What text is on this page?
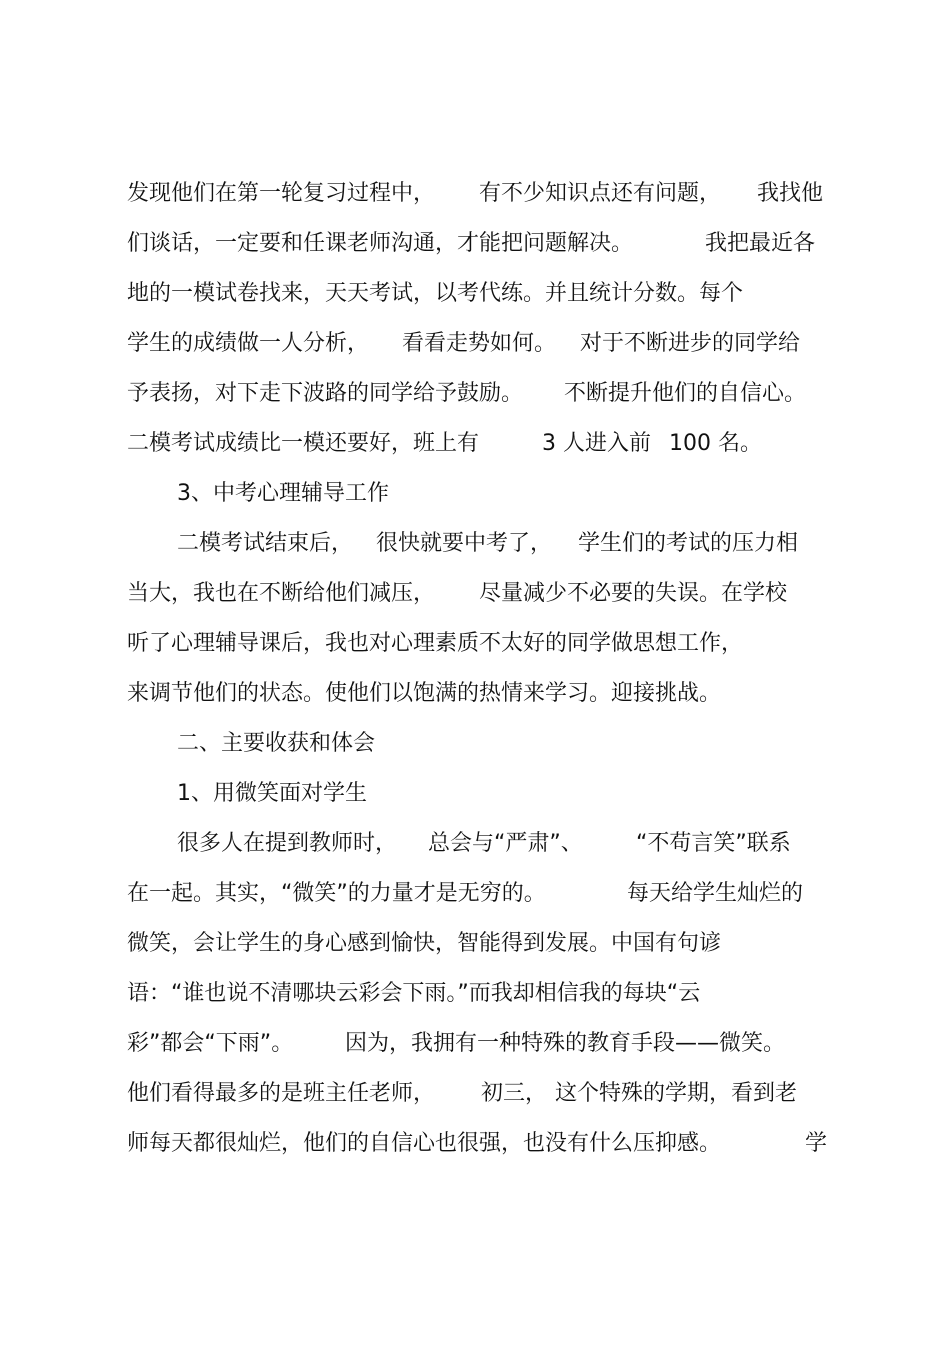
发现他们在第一轮复习过程中，

有不少知识点还有问题，

我找他

们谈话，一定要和任课老师沟通，才能把问题解决。

	我把最近各

地的一模试卷找来，天天考试，以考代练。并且统计分数。每个

学生的成绩做一人分析，

看看走势如何。

对于不断进步的同学给

予表扬，对下走下波路的同学给予鼓励。

不断提升他们的自信心。

二模考试成绩比一模还要好，班上有

	3 人进入前

100 名。

3、中考心理辅导工作

二模考试结束后，

很快就要中考了，

学生们的考试的压力相

当大，我也在不断给他们减压，

尽量减少不必要的失误。在学校

听了心理辅导课后，我也对心理素质不太好的同学做思想工作，

来调节他们的状态。使他们以饱满的热情来学习。迎接挑战。

二、主要收获和体会

1、用微笑面对学生

很多人在提到教师时，

总会与“严肃”、

“不苟言笑”联系

在一起。其实，“微笑”的力量才是无穷的。

	每天给学生灿烂的

微笑，会让学生的身心感到愉快，智能得到发展。中国有句谚

语：“谁也说不清哪块云彩会下雨。”而我却相信我的每块“云

彩”都会“下雨”。

因为，我拥有一种特殊的教育手段——微笑。

他们看得最多的是班主任老师，

初三，

这个特殊的学期，看到老

师每天都很灿烂，他们的自信心也很强，也没有什么压抑感。

	学
